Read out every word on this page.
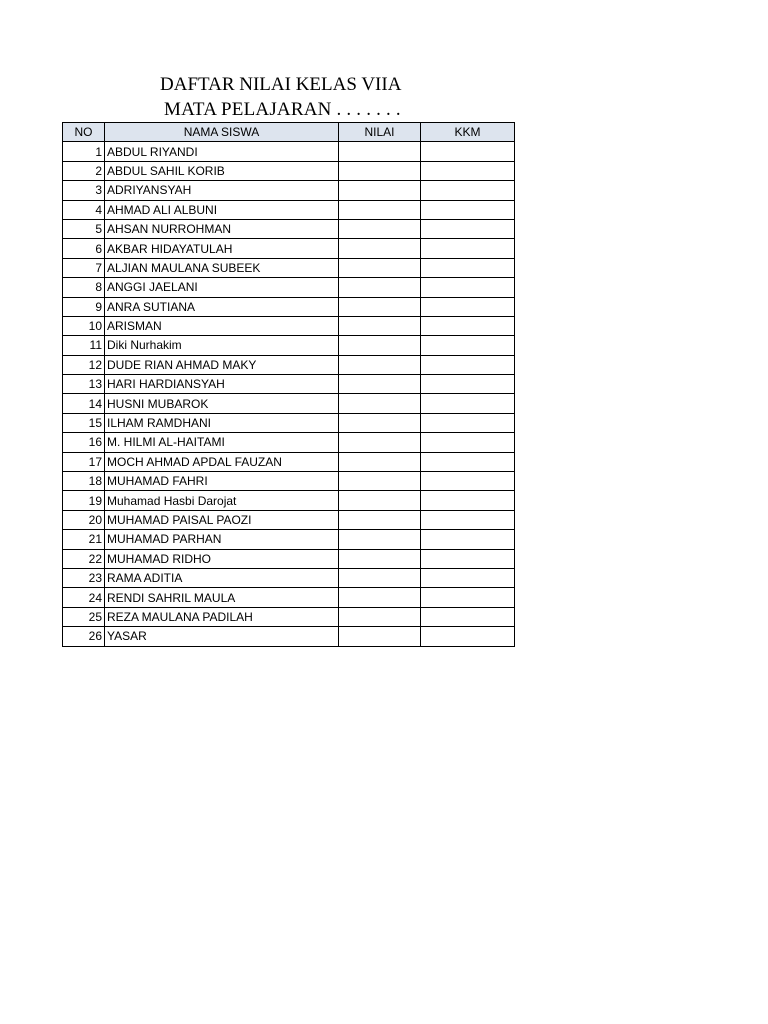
DAFTAR NILAI KELAS VIIA
MATA PELAJARAN . . . . . . .
NO	NAMA SISWA	NILAI	KKM
1	ABDUL RIYANDI		
2	ABDUL SAHIL KORIB		
3	ADRIYANSYAH		
4	AHMAD ALI ALBUNI		
5	AHSAN NURROHMAN		
6	AKBAR HIDAYATULAH		
7	ALJIAN MAULANA SUBEEK		
8	ANGGI JAELANI		
9	ANRA SUTIANA		
10	ARISMAN		
11	Diki Nurhakim		
12	DUDE RIAN AHMAD MAKY		
13	HARI HARDIANSYAH		
14	HUSNI MUBAROK		
15	ILHAM RAMDHANI		
16	M. HILMI AL-HAITAMI		
17	MOCH AHMAD APDAL FAUZAN		
18	MUHAMAD FAHRI		
19	Muhamad Hasbi Darojat		
20	MUHAMAD PAISAL PAOZI		
21	MUHAMAD PARHAN		
22	MUHAMAD RIDHO		
23	RAMA ADITIA		
24	RENDI SAHRIL MAULA		
25	REZA MAULANA PADILAH		
26	YASAR		
